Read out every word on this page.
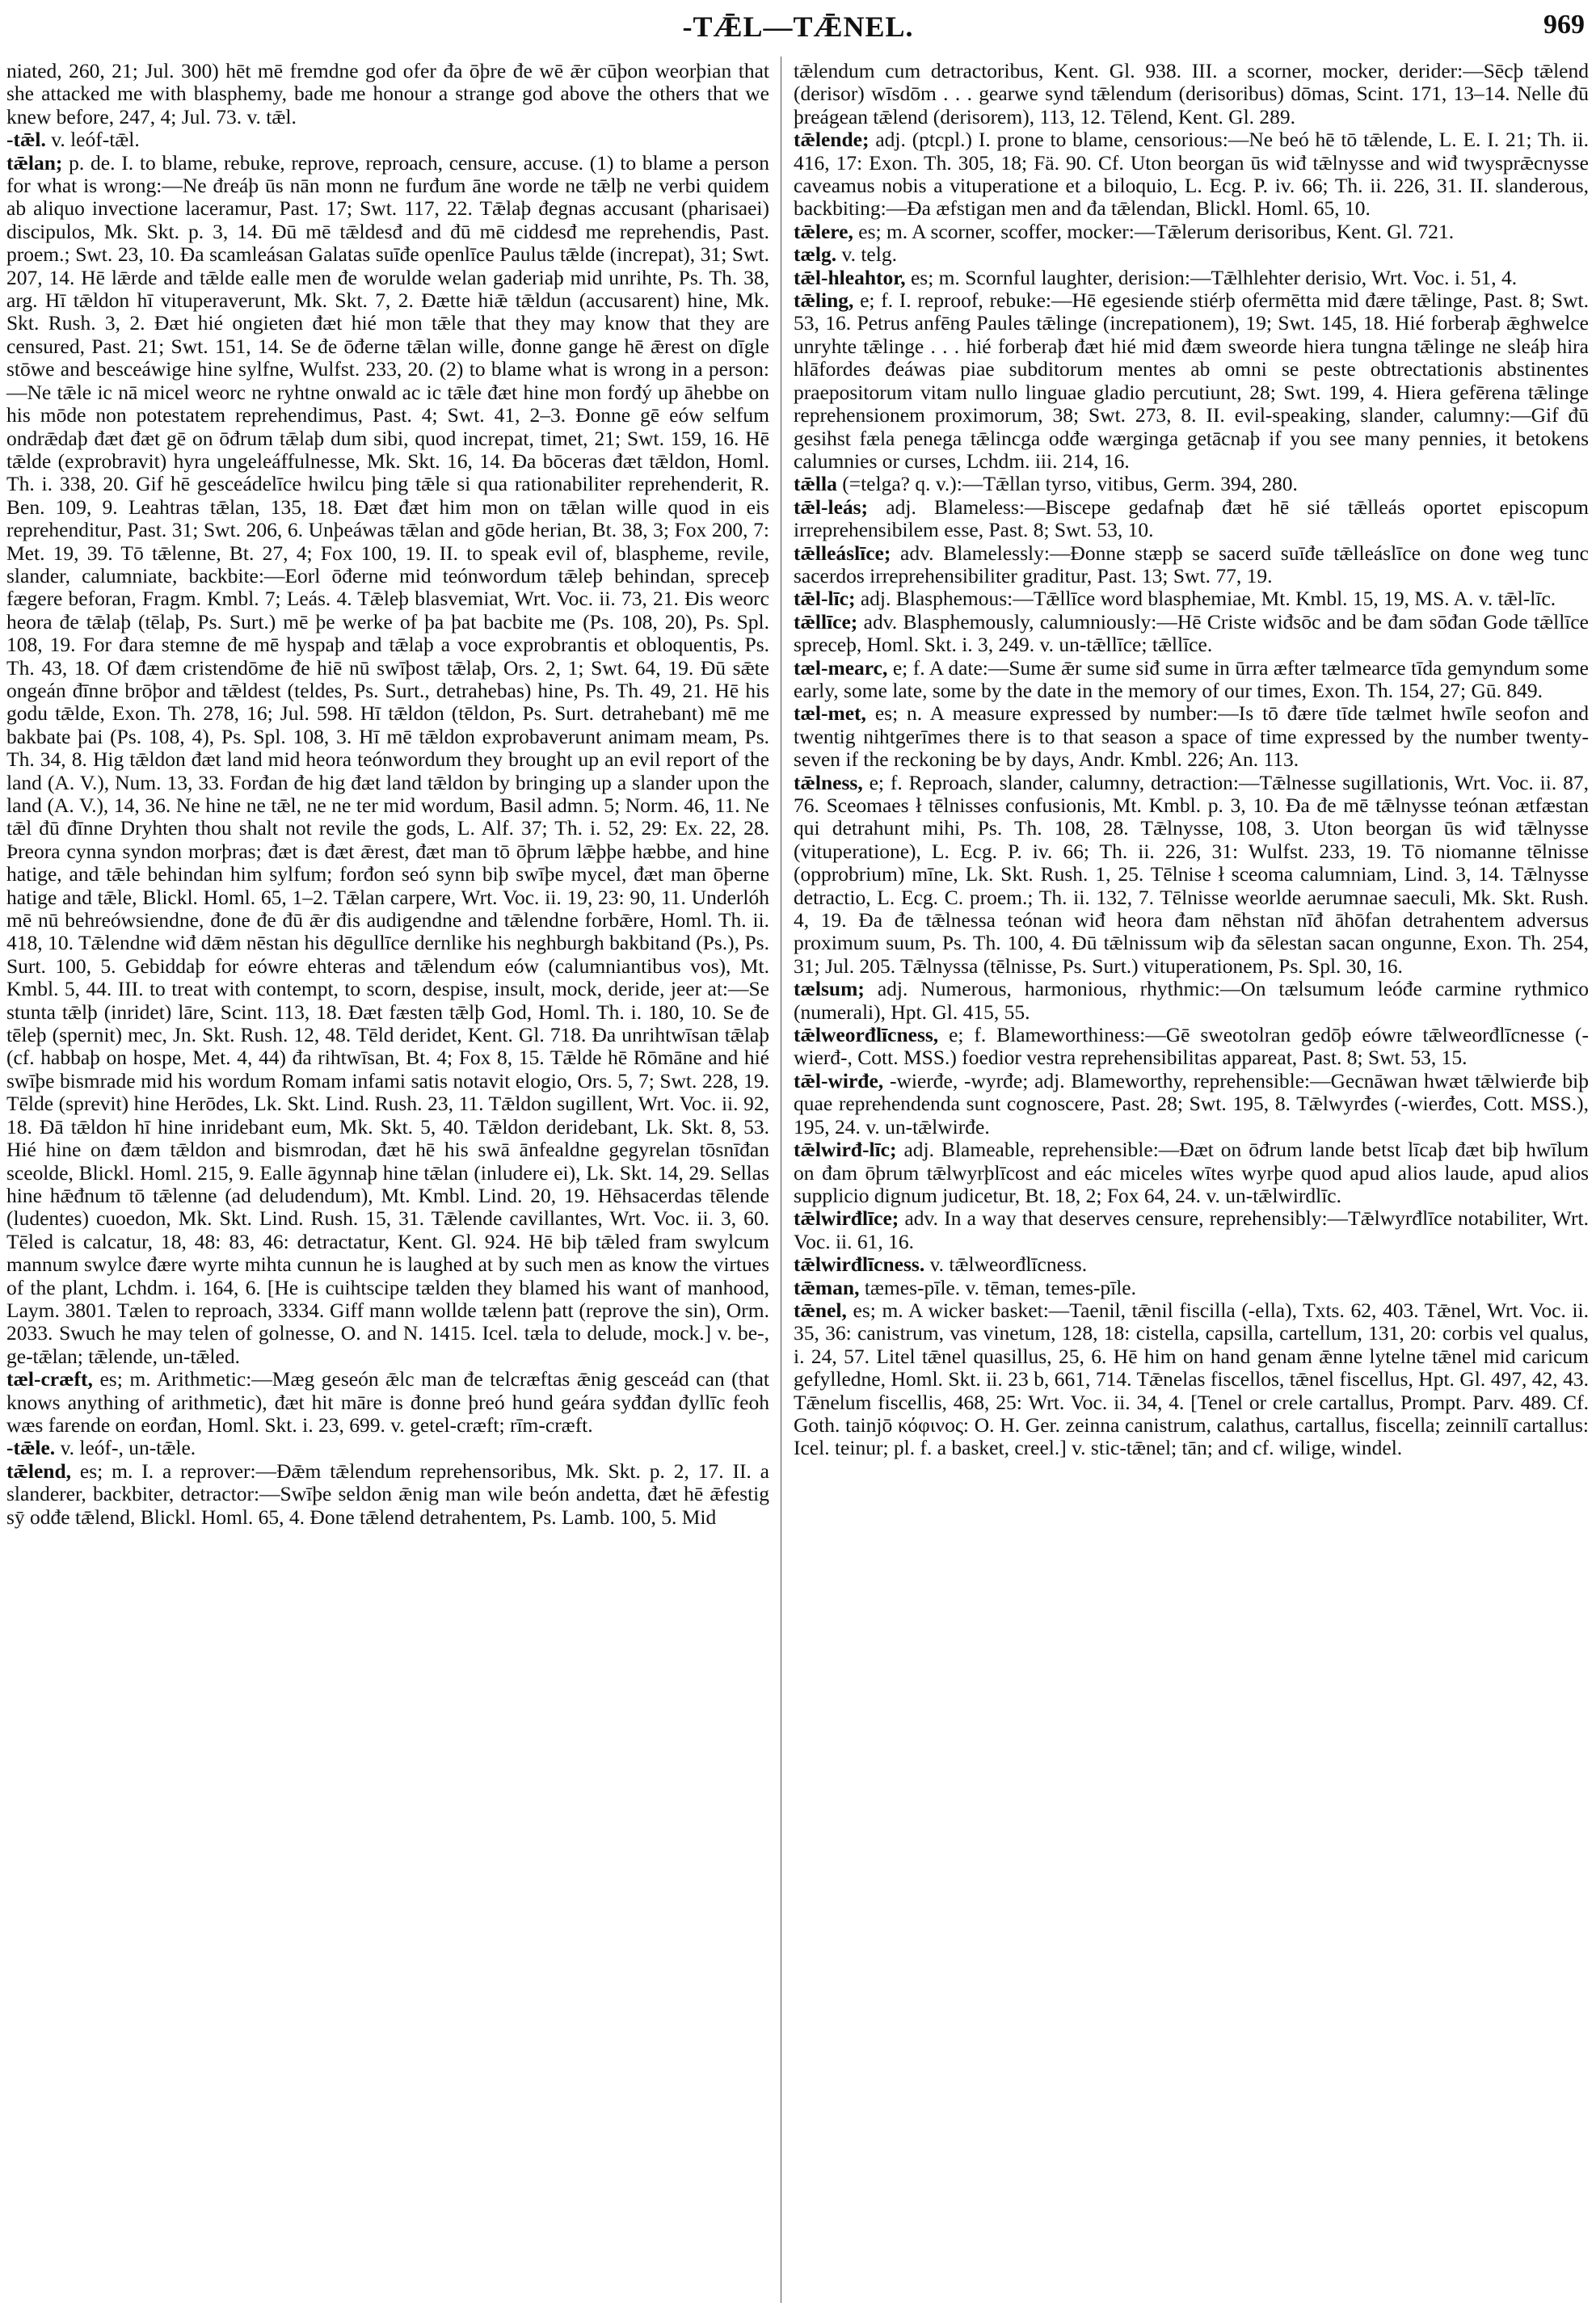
-TǢL—TǢNEL.	969

niated, 260, 21; Jul. 300) hēt mē fremdne god ofer đa ōþre đe wē ǣr cūþon weorþian that she attacked me with blasphemy, bade me honour a strange god above the others that we knew before, 247, 4; Jul. 73. v. tǣl.

-tǣl. v. leóf-tǣl.

tǣlan; p. de. I. to blame, rebuke, reprove, reproach, censure, accuse. (1) to blame a person for what is wrong:—Ne đreáþ ūs nān monn ne furđum āne worde ne tǣlþ ne verbi quidem ab aliquo invectione laceramur, Past. 17; Swt. 117, 22. Tǣlaþ đegnas accusant (pharisaei) discipulos, Mk. Skt. p. 3, 14. Đū mē tǣldesđ and đū mē ciddesđ me reprehendis, Past. proem.; Swt. 23, 10. Đa scamleásan Galatas suīđe openlīce Paulus tǣlde (increpat), 31; Swt. 207, 14. Hē lǣrde and tǣlde ealle men đe worulde welan gaderiaþ mid unrihte, Ps. Th. 38, arg. Hī tǣldon hī vituperaverunt, Mk. Skt. 7, 2. Đætte hiǣ tǣldun (accusarent) hine, Mk. Skt. Rush. 3, 2. Đæt hié ongieten đæt hié mon tǣle that they may know that they are censured, Past. 21; Swt. 151, 14. Se đe ōđerne tǣlan wille, đonne gange hē ǣrest on dīgle stōwe and besceáwige hine sylfne, Wulfst. 233, 20. (2) to blame what is wrong in a person:—Ne tǣle ic nā micel weorc ne ryhtne onwald ac ic tǣle đæt hine mon forđý up āhebbe on his mōde non potestatem reprehendimus, Past. 4; Swt. 41, 2–3. Đonne gē eów selfum ondrǣdaþ đæt đæt gē on ōđrum tǣlaþ dum sibi, quod increpat, timet, 21; Swt. 159, 16. Hē tǣlde (exprobravit) hyra ungeleáffulnesse, Mk. Skt. 16, 14. Đa bōceras đæt tǣldon, Homl. Th. i. 338, 20. Gif hē gesceádelīce hwilcu þing tǣle si qua rationabiliter reprehenderit, R. Ben. 109, 9. Leahtras tǣlan, 135, 18. Đæt đæt him mon on tǣlan wille quod in eis reprehenditur, Past. 31; Swt. 206, 6. Unþeáwas tǣlan and gōde herian, Bt. 38, 3; Fox 200, 7: Met. 19, 39. Tō tǣlenne, Bt. 27, 4; Fox 100, 19. II. to speak evil of, blaspheme, revile, slander, calumniate, backbite:—Eorl ōđerne mid teónwordum tǣleþ behindan, spreceþ fægere beforan, Fragm. Kmbl. 7; Leás. 4. Tǣleþ blasvemiat, Wrt. Voc. ii. 73, 21. Đis weorc heora đe tǣlaþ (tēlaþ, Ps. Surt.) mē þe werke of þa þat bacbite me (Ps. 108, 20), Ps. Spl. 108, 19. For đara stemne đe mē hyspaþ and tǣlaþ a voce exprobrantis et obloquentis, Ps. Th. 43, 18. Of đæm cristendōme đe hiē nū swīþost tǣlaþ, Ors. 2, 1; Swt. 64, 19. Đū sǣte ongeán đīnne brōþor and tǣldest (teldes, Ps. Surt., detrahebas) hine, Ps. Th. 49, 21. Hē his godu tǣlde, Exon. Th. 278, 16; Jul. 598. Hī tǣldon (tēldon, Ps. Surt. detrahebant) mē me bakbate þai (Ps. 108, 4), Ps. Spl. 108, 3. Hī mē tǣldon exprobaverunt animam meam, Ps. Th. 34, 8. Hig tǣldon đæt land mid heora teónwordum they brought up an evil report of the land (A. V.), Num. 13, 33. Forđan đe hig đæt land tǣldon by bringing up a slander upon the land (A. V.), 14, 36. Ne hine ne tǣl, ne ne ter mid wordum, Basil admn. 5; Norm. 46, 11. Ne tǣl đū đīnne Dryhten thou shalt not revile the gods, L. Alf. 37; Th. i. 52, 29: Ex. 22, 28. Þreora cynna syndon morþras; đæt is đæt ǣrest, đæt man tō ōþrum lǣþþe hæbbe, and hine hatige, and tǣle behindan him sylfum; forđon seó synn biþ swīþe mycel, đæt man ōþerne hatige and tǣle, Blickl. Homl. 65, 1–2. Tǣlan carpere, Wrt. Voc. ii. 19, 23: 90, 11. Underlóh mē nū behreówsiendne, đone đe đū ǣr đis audigendne and tǣlendne forbǣre, Homl. Th. ii. 418, 10. Tǣlendne wiđ dǣm nēstan his dēgullīce dernlike his neghburgh bakbitand (Ps.), Ps. Surt. 100, 5. Gebiddaþ for eówre ehteras and tǣlendum eów (calumniantibus vos), Mt. Kmbl. 5, 44. III. to treat with contempt, to scorn, despise, insult, mock, deride, jeer at:—Se stunta tǣlþ (inridet) lāre, Scint. 113, 18. Đæt fæsten tǣlþ God, Homl. Th. i. 180, 10. Se đe tēleþ (spernit) mec, Jn. Skt. Rush. 12, 48. Tēld deridet, Kent. Gl. 718. Đa unrihtwīsan tǣlaþ (cf. habbaþ on hospe, Met. 4, 44) đa rihtwīsan, Bt. 4; Fox 8, 15. Tǣlde hē Rōmāne and hié swīþe bismrade mid his wordum Romam infami satis notavit elogio, Ors. 5, 7; Swt. 228, 19. Tēlde (sprevit) hine Herōdes, Lk. Skt. Lind. Rush. 23, 11. Tǣldon sugillent, Wrt. Voc. ii. 92, 18. Đā tǣldon hī hine inridebant eum, Mk. Skt. 5, 40. Tǣldon deridebant, Lk. Skt. 8, 53. Hié hine on đæm tǣldon and bismrodan, đæt hē his swā ānfealdne gegyrelan tōsnīđan sceolde, Blickl. Homl. 215, 9. Ealle āgynnaþ hine tǣlan (inludere ei), Lk. Skt. 14, 29. Sellas hine hǣđnum tō tǣlenne (ad deludendum), Mt. Kmbl. Lind. 20, 19. Hēhsacerdas tēlende (ludentes) cuoedon, Mk. Skt. Lind. Rush. 15, 31. Tǣlende cavillantes, Wrt. Voc. ii. 3, 60. Tēled is calcatur, 18, 48: 83, 46: detractatur, Kent. Gl. 924. Hē biþ tǣled fram swylcum mannum swylce đære wyrte mihta cunnun he is laughed at by such men as know the virtues of the plant, Lchdm. i. 164, 6. [He is cuihtscipe tælden they blamed his want of manhood, Laym. 3801. Tælen to reproach, 3334. Giff mann wollde tælenn þatt (reprove the sin), Orm. 2033. Swuch he may telen of golnesse, O. and N. 1415. Icel. tæla to delude, mock.] v. be-, ge-tǣlan; tǣlende, un-tǣled.

tæl-cræft, es; m. Arithmetic:—Mæg geseón ǣlc man đe telcræftas ǣnig gesceád can (that knows anything of arithmetic), đæt hit māre is đonne þreó hund geára syđđan đyllīc feoh wæs farende on eorđan, Homl. Skt. i. 23, 699. v. getel-cræft; rīm-cræft.

-tǣle. v. leóf-, un-tǣle.

tǣlend, es; m. I. a reprover:—Đǣm tǣlendum reprehensoribus, Mk. Skt. p. 2, 17. II. a slanderer, backbiter, detractor:—Swīþe seldon ǣnig man wile beón andetta, đæt hē ǣfestig sȳ odđe tǣlend, Blickl. Homl. 65, 4. Đone tǣlend detrahentem, Ps. Lamb. 100, 5. Mid

tǣlendum cum detractoribus, Kent. Gl. 938. III. a scorner, mocker, derider:—Sēcþ tǣlend (derisor) wīsdōm . . . gearwe synd tǣlendum (derisoribus) dōmas, Scint. 171, 13–14. Nelle đū þreágean tǣlend (derisorem), 113, 12. Tēlend, Kent. Gl. 289.

tǣlende; adj. (ptcpl.) I. prone to blame, censorious:—Ne beó hē tō tǣlende, L. E. I. 21; Th. ii. 416, 17: Exon. Th. 305, 18; Fä. 90. Cf. Uton beorgan ūs wiđ tǣlnysse and wiđ twysprǣcnysse caveamus nobis a vituperatione et a biloquio, L. Ecg. P. iv. 66; Th. ii. 226, 31. II. slanderous, backbiting:—Đa æfstigan men and đa tǣlendan, Blickl. Homl. 65, 10.

tǣlere, es; m. A scorner, scoffer, mocker:—Tǣlerum derisoribus, Kent. Gl. 721.

tælg. v. telg.

tǣl-hleahtor, es; m. Scornful laughter, derision:—Tǣlhlehter derisio, Wrt. Voc. i. 51, 4.

tǣling, e; f. I. reproof, rebuke:—Hē egesiende stiérþ ofermētta mid đære tǣlinge, Past. 8; Swt. 53, 16. Petrus anfēng Paules tǣlinge (increpationem), 19; Swt. 145, 18. Hié forberaþ ǣghwelce unryhte tǣlinge . . . hié forberaþ đæt hié mid đæm sweorde hiera tungna tǣlinge ne sleáþ hira hlāfordes đeáwas piae subditorum mentes ab omni se peste obtrectationis abstinentes praepositorum vitam nullo linguae gladio percutiunt, 28; Swt. 199, 4. Hiera gefērena tǣlinge reprehensionem proximorum, 38; Swt. 273, 8. II. evil-speaking, slander, calumny:—Gif đū gesihst fæla penega tǣlincga odđe wærginga getācnaþ if you see many pennies, it betokens calumnies or curses, Lchdm. iii. 214, 16.

tǣlla (=telga? q. v.):—Tǣllan tyrso, vitibus, Germ. 394, 280.

tǣl-leás; adj. Blameless:—Biscepe gedafnaþ đæt hē sié tǣlleás oportet episcopum irreprehensibilem esse, Past. 8; Swt. 53, 10.

tǣlleáslīce; adv. Blamelessly:—Đonne stæpþ se sacerd suīđe tǣlleáslīce on đone weg tunc sacerdos irreprehensibiliter graditur, Past. 13; Swt. 77, 19.

tǣl-līc; adj. Blasphemous:—Tǣllīce word blasphemiae, Mt. Kmbl. 15, 19, MS. A. v. tǣl-līc.

tǣllīce; adv. Blasphemously, calumniously:—Hē Criste wiđsōc and be đam sōđan Gode tǣllīce spreceþ, Homl. Skt. i. 3, 249. v. un-tǣllīce; tǣllīce.

tæl-mearc, e; f. A date:—Sume ǣr sume siđ sume in ūrra æfter tælmearce tīda gemyndum some early, some late, some by the date in the memory of our times, Exon. Th. 154, 27; Gū. 849.

tæl-met, es; n. A measure expressed by number:—Is tō đære tīde tælmet hwīle seofon and twentig nihtgerīmes there is to that season a space of time expressed by the number twenty-seven if the reckoning be by days, Andr. Kmbl. 226; An. 113.

tǣlness, e; f. Reproach, slander, calumny, detraction:—Tǣlnesse sugillationis, Wrt. Voc. ii. 87, 76. Sceomaes ł tēlnisses confusionis, Mt. Kmbl. p. 3, 10. Đa đe mē tǣlnysse teónan ætfæstan qui detrahunt mihi, Ps. Th. 108, 28. Tǣlnysse, 108, 3. Uton beorgan ūs wiđ tǣlnysse (vituperatione), L. Ecg. P. iv. 66; Th. ii. 226, 31: Wulfst. 233, 19. Tō niomanne tēlnisse (opprobrium) mīne, Lk. Skt. Rush. 1, 25. Tēlnise ł sceoma calumniam, Lind. 3, 14. Tǣlnysse detractio, L. Ecg. C. proem.; Th. ii. 132, 7. Tēlnisse weorlde aerumnae saeculi, Mk. Skt. Rush. 4, 19. Đa đe tǣlnessa teónan wiđ heora đam nēhstan nīđ āhōfan detrahentem adversus proximum suum, Ps. Th. 100, 4. Đū tǣlnissum wiþ đa sēlestan sacan ongunne, Exon. Th. 254, 31; Jul. 205. Tǣlnyssa (tēlnisse, Ps. Surt.) vituperationem, Ps. Spl. 30, 16.

tælsum; adj. Numerous, harmonious, rhythmic:—On tælsumum leóđe carmine rythmico (numerali), Hpt. Gl. 415, 55.

tǣlweorđlīcness, e; f. Blameworthiness:—Gē sweotolran gedōþ eówre tǣlweorđlīcnesse (-wierđ-, Cott. MSS.) foedior vestra reprehensibilitas appareat, Past. 8; Swt. 53, 15.

tǣl-wirđe, -wierđe, -wyrđe; adj. Blameworthy, reprehensible:—Gecnāwan hwæt tǣlwierđe biþ quae reprehendenda sunt cognoscere, Past. 28; Swt. 195, 8. Tǣlwyrđes (-wierđes, Cott. MSS.), 195, 24. v. un-tǣlwirđe.

tǣlwirđ-līc; adj. Blameable, reprehensible:—Đæt on ōđrum lande betst līcaþ đæt biþ hwīlum on đam ōþrum tǣlwyrþlīcost and eác miceles wītes wyrþe quod apud alios laude, apud alios supplicio dignum judicetur, Bt. 18, 2; Fox 64, 24. v. un-tǣlwirdlīc.

tǣlwirđlīce; adv. In a way that deserves censure, reprehensibly:—Tǣlwyrđlīce notabiliter, Wrt. Voc. ii. 61, 16.

tǣlwirđlīcness. v. tǣlweorđlīcness.

tǣman, tæmes-pīle. v. tēman, temes-pīle.

tǣnel, es; m. A wicker basket:—Taenil, tǣnil fiscilla (-ella), Txts. 62, 403. Tǣnel, Wrt. Voc. ii. 35, 36: canistrum, vas vinetum, 128, 18: cistella, capsilla, cartellum, 131, 20: corbis vel qualus, i. 24, 57. Litel tǣnel quasillus, 25, 6. Hē him on hand genam ǣnne lytelne tǣnel mid caricum gefylledne, Homl. Skt. ii. 23 b, 661, 714. Tǣnelas fiscellos, tǣnel fiscellus, Hpt. Gl. 497, 42, 43. Tǣnelum fiscellis, 468, 25: Wrt. Voc. ii. 34, 4. [Tenel or crele cartallus, Prompt. Parv. 489. Cf. Goth. tainjō κόφινος: O. H. Ger. zeinna canistrum, calathus, cartallus, fiscella; zeinnilī cartallus: Icel. teinur; pl. f. a basket, creel.] v. stic-tǣnel; tān; and cf. wilige, windel.
